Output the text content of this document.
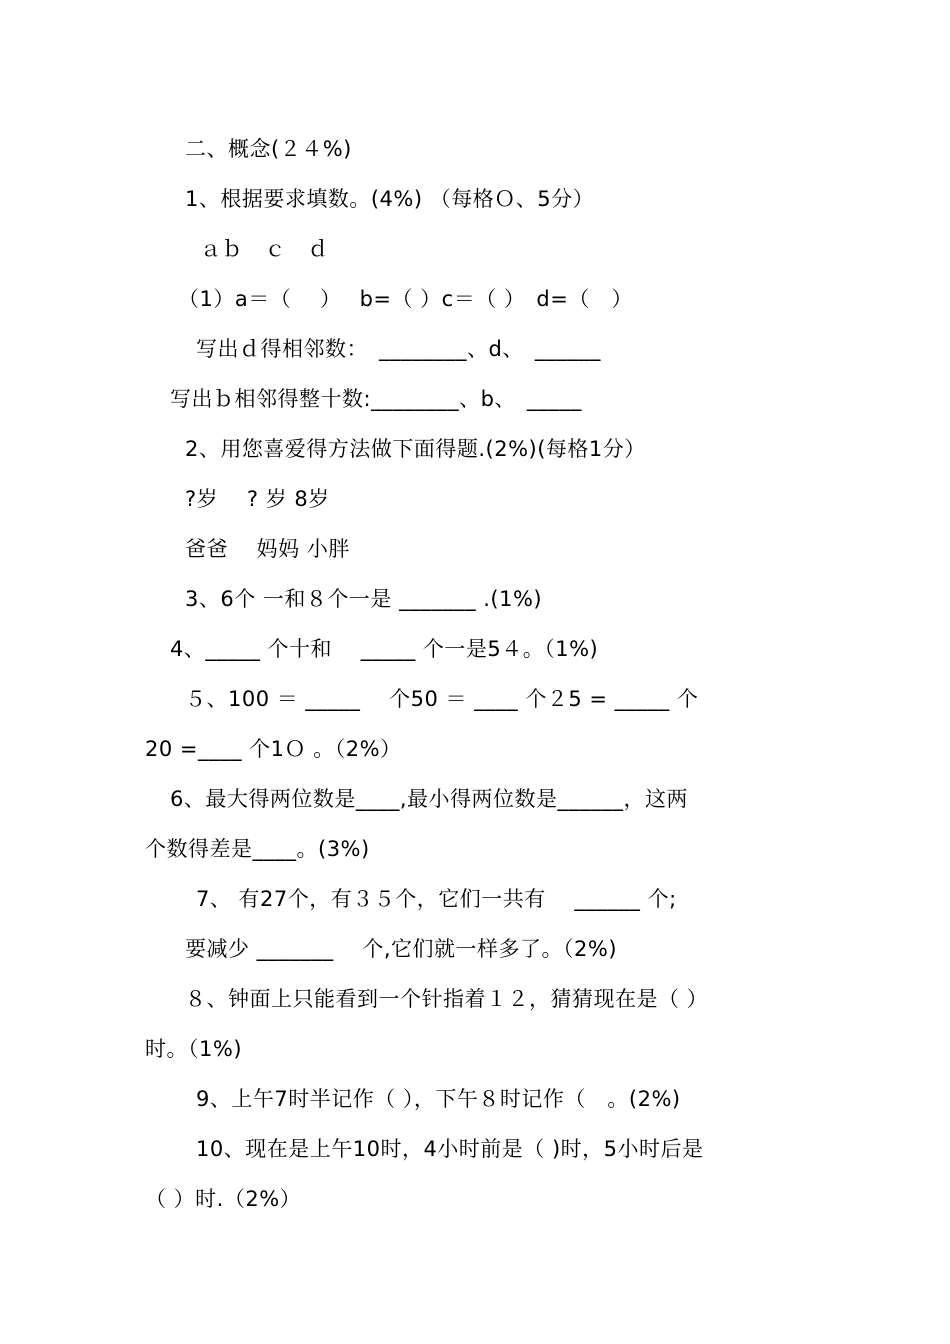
二、概念(２４%)
1、根据要求填数。(4%) （每格Ｏ、5分）
ａｂ　ｃ　ｄ
（1）a＝（　 ）　 b=（ ）c＝（ ）　d=（　）
写出ｄ得相邻数：　________、d、　______
写出ｂ相邻得整十数:________、b、　_____
2、用您喜爱得方法做下面得题.(2%)(每格1分）
?岁　 ? 岁 8岁
爸爸　 妈妈 小胖
3、6个 一和８个一是 _______ .(1%)
4、_____ 个十和　 _____ 个一是5４。（1%)
５、100 ＝ _____　 个50 ＝ ____ 个２5 = _____ 个
20 =____ 个1Ｏ 。（2%）
6、最大得两位数是____,最小得两位数是______，这两
个数得差是____。(3%)
7、 有27个，有３５个，它们一共有　 ______ 个;
要减少 _______　 个,它们就一样多了。（2%)
８、钟面上只能看到一个针指着１２，猜猜现在是（ ）
时。（1%)
9、上午7时半记作（ ），下午８时记作（　。(2%)
10、现在是上午10时，4小时前是（ )时，5小时后是
（ ）时.（2%）
